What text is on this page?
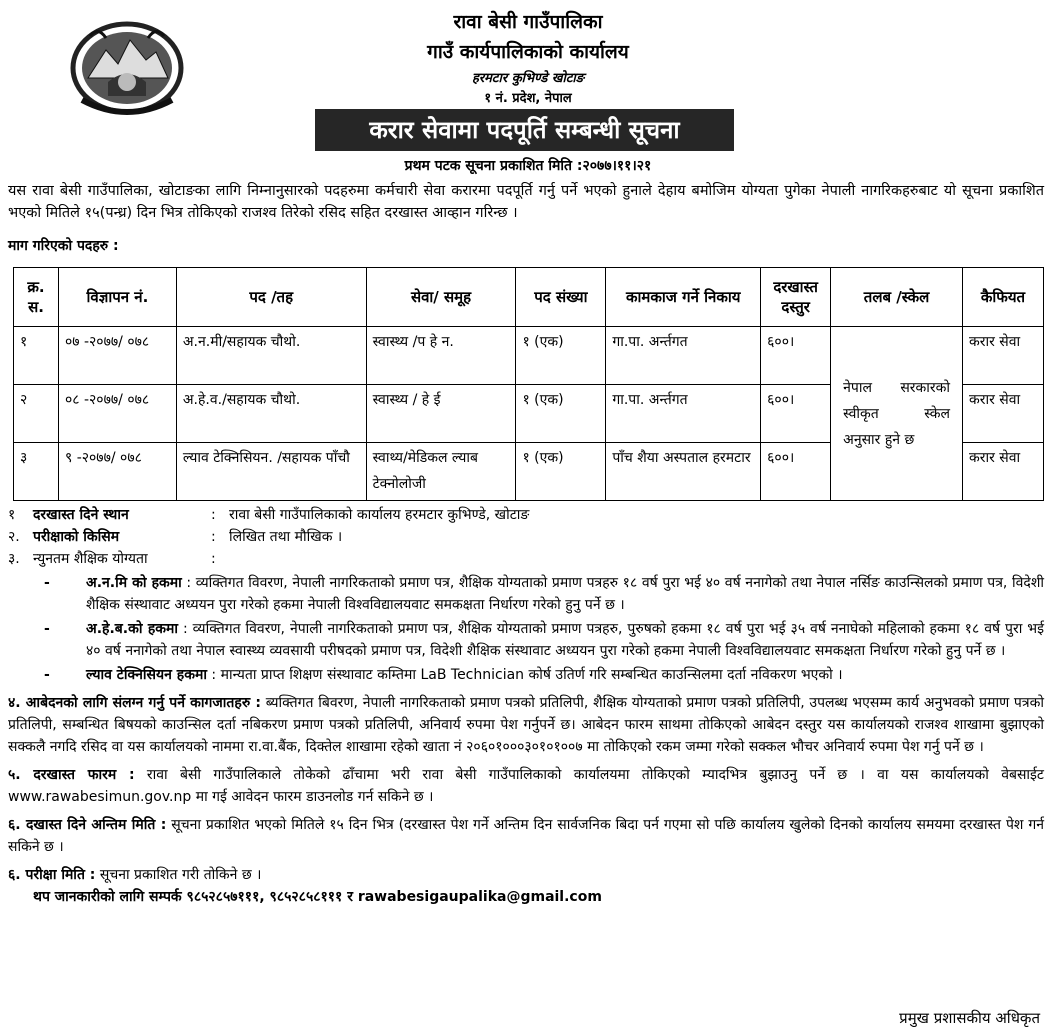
रावा बेसी गाउँपालिका
गाउँ कार्यपालिकाको कार्यालय
हरमटार कुभिण्डे खोटाङ
१ नं. प्रदेश, नेपाल
करार सेवामा पदपूर्ति सम्बन्धी सूचना
प्रथम पटक सूचना प्रकाशित मिति :२०७७।११।२१
यस रावा बेसी गाउँपालिका, खोटाङका लागि निम्नानुसारको पदहरुमा कर्मचारी सेवा करारमा पदपूर्ति गर्नु पर्ने भएको हुनाले देहाय बमोजिम योग्यता पुगेका नेपाली नागरिकहरुबाट यो सूचना प्रकाशित भएको मितिले १५(पन्ध्र) दिन भित्र तोकिएको राजश्व तिरेको रसिद सहित दरखास्त आव्हान गरिन्छ ।
माग गरिएको पदहरु :
क्र. स.	विज्ञापन नं.	पद /तह	सेवा/ समूह	पद संख्या	कामकाज गर्ने निकाय	दरखास्त दस्तुर	तलब /स्केल	कैफियत
१	०७ -२०७७/ ०७८	अ.न.मी/सहायक चौथो.	स्वास्थ्य /प हे न.	१ (एक)	गा.पा. अर्न्तगत	६००।	नेपाल सरकारको स्वीकृत स्केल अनुसार हुने छ	करार सेवा
२	०८ -२०७७/ ०७८	अ.हे.व./सहायक चौथो.	स्वास्थ्य / हे ई	१ (एक)	गा.पा. अर्न्तगत	६००।		करार सेवा
३	९ -२०७७/ ०७८	ल्याव टेक्निसियन. /सहायक पाँचौ	स्वाथ्य/मेडिकल ल्याब टेक्नोलोजी	१ (एक)	पाँच शैया अस्पताल हरमटार	६००।		करार सेवा
१	दरखास्त दिने स्थान	: रावा बेसी गाउँपालिकाको कार्यालय हरमटार कुभिण्डे, खोटाङ
२. परीक्षाको किसिम	: लिखित तथा मौखिक ।
३. न्युनतम शैक्षिक योग्यता	:
-	अ.न.मि को हकमा : व्यक्तिगत विवरण, नेपाली नागरिकताको प्रमाण पत्र, शैक्षिक योग्यताको प्रमाण पत्रहरु १८ वर्ष पुरा भई ४० वर्ष ननागेको तथा नेपाल नर्सिङ काउन्सिलको प्रमाण पत्र, विदेशी शैक्षिक संस्थावाट अध्ययन पुरा गरेको हकमा नेपाली विश्वविद्यालयवाट समकक्षता निर्धारण गरेको हुनु पर्ने छ ।
-	अ.हे.ब.को हकमा : व्यक्तिगत विवरण, नेपाली नागरिकताको प्रमाण पत्र, शैक्षिक योग्यताको प्रमाण पत्रहरु, पुरुषको हकमा १८ वर्ष पुरा भई ३५ वर्ष ननाघेको महिलाको हकमा १८ वर्ष पुरा भई ४० वर्ष ननागेको तथा नेपाल स्वास्थ्य व्यवसायी परीषदको प्रमाण पत्र, विदेशी शैक्षिक संस्थावाट अध्ययन पुरा गरेको हकमा नेपाली विश्वविद्यालयवाट समकक्षता निर्धारण गरेको हुनु पर्ने छ ।
-	ल्याव टेक्निसियन हकमा : मान्यता प्राप्त शिक्षण संस्थावाट कम्तिमा LaB Technician कोर्ष उतिर्ण गरि सम्बन्धित काउन्सिलमा दर्ता नविकरण भएको ।
४. आबेदनको लागि संलग्न गर्नु पर्ने कागजातहरु : ब्यक्तिगत बिवरण, नेपाली नागरिकताको प्रमाण पत्रको प्रतिलिपी, शैक्षिक योग्यताको प्रमाण पत्रको प्रतिलिपी, उपलब्ध भएसम्म कार्य अनुभवको प्रमाण पत्रको प्रतिलिपी, सम्बन्धित बिषयको काउन्सिल दर्ता नबिकरण प्रमाण पत्रको प्रतिलिपी, अनिवार्य रुपमा पेश गर्नुपर्ने छ। आबेदन फारम साथमा तोकिएको आबेदन दस्तुर यस कार्यालयको राजश्व शाखामा बुझाएको सक्कलै नगदि रसिद वा यस कार्यालयको नाममा रा.वा.बैंक, दिक्तेल शाखामा रहेको खाता नं २०६०१०००३०१०१००७ मा तोकिएको रकम जम्मा गरेको सक्कल भौचर अनिवार्य रुपमा पेश गर्नु पर्ने छ ।
५. दरखास्त फारम : रावा बेसी गाउँपालिकाले तोकेको ढाँचामा भरी रावा बेसी गाउँपालिकाको कार्यालयमा तोकिएको म्यादभित्र बुझाउनु पर्ने छ । वा यस कार्यालयको वेबसाईट www.rawabesimun.gov.np मा गई आवेदन फारम डाउनलोड गर्न सकिने छ ।
६. दखास्त दिने अन्तिम मिति : सूचना प्रकाशित भएको मितिले १५ दिन भित्र (दरखास्त पेश गर्ने अन्तिम दिन सार्वजनिक बिदा पर्न गएमा सो पछि कार्यालय खुलेको दिनको कार्यालय समयमा दरखास्त पेश गर्न सकिने छ ।
६. परीक्षा मिति : सूचना प्रकाशित गरी तोकिने छ ।
थप जानकारीको लागि सम्पर्क ९८५२८५७१११, ९८५२८५८१११ र rawabesigaupalika@gmail.com
प्रमुख प्रशासकीय अधिकृत
